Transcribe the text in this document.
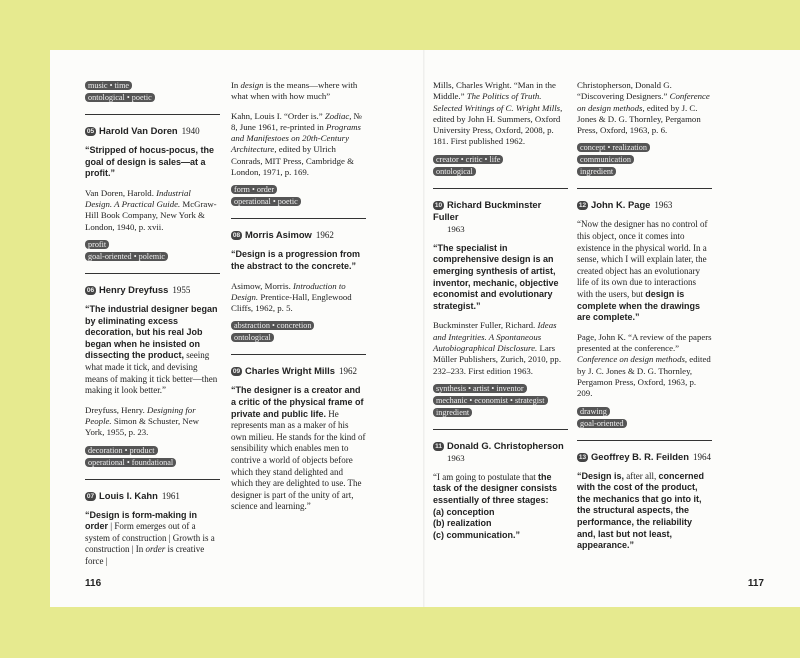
music • time
ontological • poetic
05 Harold Van Doren 1940

“Stripped of hocus-pocus, the goal of design is sales—at a profit.”

Van Doren, Harold. Industrial Design. A Practical Guide. McGraw-Hill Book Company, New York & London, 1940, p. xvii.

profit
goal-oriented • polemic
06 Henry Dreyfuss 1955

“The industrial designer began by eliminating excess decoration, but his real Job began when he insisted on dissecting the product, seeing what made it tick, and devising means of making it tick better—then making it look better.”

Dreyfuss, Henry. Designing for People. Simon & Schuster, New York, 1955, p. 23.

decoration • product
operational • foundational
07 Louis I. Kahn 1961

“Design is form-making in order | Form emerges out of a system of construction | Growth is a construction | In order is creative force |

In design is the means—where with what when with how much”

Kahn, Louis I. “Order is.” Zodiac, № 8, June 1961, re-printed in Programs and Manifestoes on 20th-Century Architecture, edited by Ulrich Conrads, MIT Press, Cambridge & London, 1971, p. 169.

form • order
operational • poetic
08 Morris Asimow 1962

“Design is a progression from the abstract to the concrete.”

Asimow, Morris. Introduction to Design. Prentice-Hall, Englewood Cliffs, 1962, p. 5.

abstraction • concretion
ontological
09 Charles Wright Mills 1962

“The designer is a creator and a critic of the physical frame of private and public life. He represents man as a maker of his own milieu. He stands for the kind of sensibility which enables men to contrive a world of objects before which they stand delighted and which they are delighted to use. The designer is part of the unity of art, science and learning.”

116

Mills, Charles Wright. “Man in the Middle.” The Politics of Truth. Selected Writings of C. Wright Mills, edited by John H. Summers, Oxford University Press, Oxford, 2008, p. 181. First published 1962.

creator • critic • life
ontological
10 Richard Buckminster Fuller
1963

“The specialist in comprehensive design is an emerging synthesis of artist, inventor, mechanic, objective economist and evolutionary strategist.”

Buckminster Fuller, Richard. Ideas and Integrities. A Spontaneous Autobiographical Disclosure. Lars Müller Publishers, Zurich, 2010, pp. 232–233. First edition 1963.

synthesis • artist • inventor
mechanic • economist • strategist
ingredient
11 Donald G. Christopherson
1963

“I am going to postulate that the task of the designer consists essentially of three stages:
(a) conception
(b) realization
(c) communication.”

Christopherson, Donald G. “Discovering Designers.” Conference on design methods, edited by J. C. Jones & D. G. Thornley, Pergamon Press, Oxford, 1963, p. 6.

concept • realization
communication
ingredient
12 John K. Page 1963

“Now the designer has no control of this object, once it comes into existence in the physical world. In a sense, which I will explain later, the created object has an evolutionary life of its own due to interactions with the users, but design is complete when the drawings are complete.”

Page, John K. “A review of the papers presented at the conference.” Conference on design methods, edited by J. C. Jones & D. G. Thornley, Pergamon Press, Oxford, 1963, p. 209.

drawing
goal-oriented
13 Geoffrey B. R. Feilden 1964

“Design is, after all, concerned with the cost of the product, the mechanics that go into it, the structural aspects, the performance, the reliability and, last but not least, appearance.”

117
